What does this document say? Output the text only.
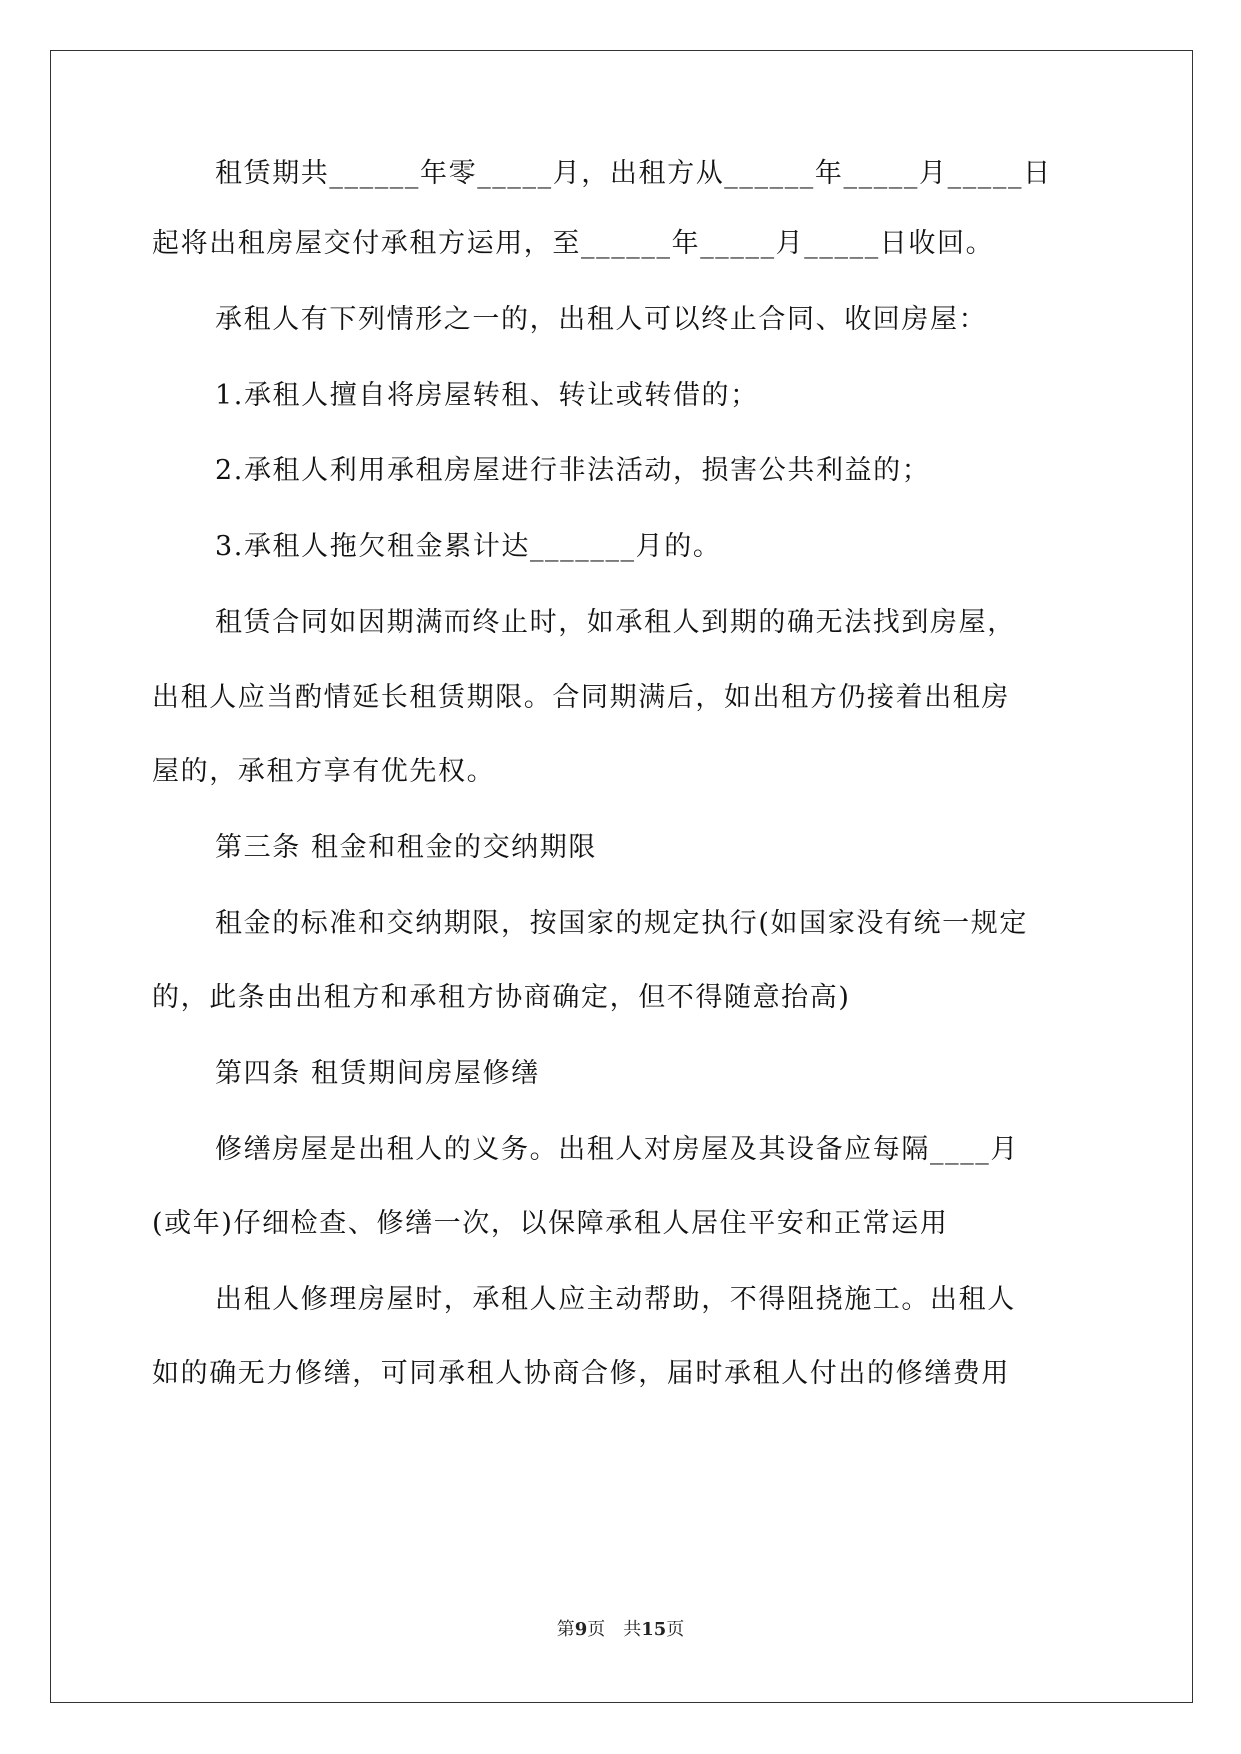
租赁期共______年零_____月，出租方从______年_____月_____日
起将出租房屋交付承租方运用，至______年_____月_____日收回。
承租人有下列情形之一的，出租人可以终止合同、收回房屋：
1.承租人擅自将房屋转租、转让或转借的；
2.承租人利用承租房屋进行非法活动，损害公共利益的；
3.承租人拖欠租金累计达_______月的。
租赁合同如因期满而终止时，如承租人到期的确无法找到房屋，
出租人应当酌情延长租赁期限。合同期满后，如出租方仍接着出租房
屋的，承租方享有优先权。
第三条 租金和租金的交纳期限
租金的标准和交纳期限，按国家的规定执行(如国家没有统一规定
的，此条由出租方和承租方协商确定，但不得随意抬高)
第四条 租赁期间房屋修缮
修缮房屋是出租人的义务。出租人对房屋及其设备应每隔____月
(或年)仔细检查、修缮一次，以保障承租人居住平安和正常运用
出租人修理房屋时，承租人应主动帮助，不得阻挠施工。出租人
如的确无力修缮，可同承租人协商合修，届时承租人付出的修缮费用
第9页 共15页
